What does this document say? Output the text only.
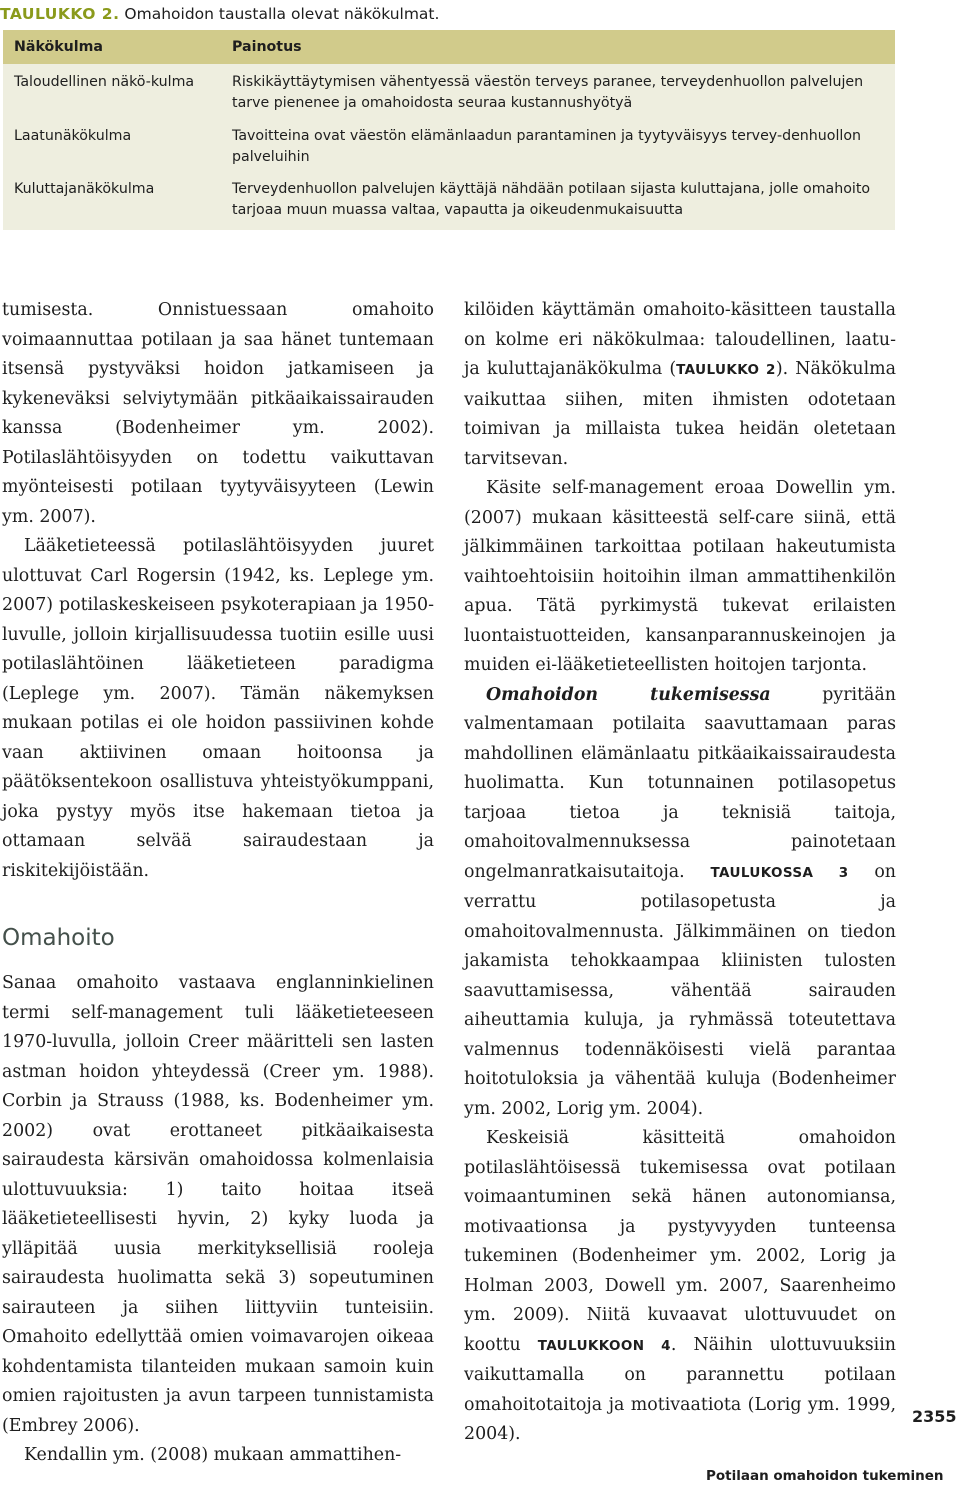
TAULUKKO 2. Omahoidon taustalla olevat näkökulmat.
Näkökulma	Painotus
Taloudellinen näkö-kulma	Riskikäyttäytymisen vähentyessä väestön terveys paranee, terveydenhuollon palvelujen tarve pienenee ja omahoidosta seuraa kustannushyötyä
Laatunäkökulma	Tavoitteina ovat väestön elämänlaadun parantaminen ja tyytyväisyys tervey-denhuollon palveluihin
Kuluttajanäkökulma	Terveydenhuollon palvelujen käyttäjä nähdään potilaan sijasta kuluttajana, jolle omahoito tarjoaa muun muassa valtaa, vapautta ja oikeudenmukaisuutta

tumisesta. Onnistuessaan omahoito voimaannuttaa potilaan ja saa hänet tuntemaan itsensä pystyväksi hoidon jatkamiseen ja kykeneväksi selviytymään pitkäaikaissairauden kanssa (Bodenheimer ym. 2002). Potilaslähtöisyyden on todettu vaikuttavan myönteisesti potilaan tyytyväisyyteen (Lewin ym. 2007).

Lääketieteessä potilaslähtöisyyden juuret ulottuvat Carl Rogersin (1942, ks. Leplege ym. 2007) potilaskeskeiseen psykoterapiaan ja 1950-luvulle, jolloin kirjallisuudessa tuotiin esille uusi potilaslähtöinen lääketieteen paradigma (Leplege ym. 2007). Tämän näkemyksen mukaan potilas ei ole hoidon passiivinen kohde vaan aktiivinen omaan hoitoonsa ja päätöksentekoon osallistuva yhteistyökumppani, joka pystyy myös itse hakemaan tietoa ja ottamaan selvää sairaudestaan ja riskitekijöistään.

Omahoito

Sanaa omahoito vastaava englanninkielinen termi self-management tuli lääketieteeseen 1970-luvulla, jolloin Creer määritteli sen lasten astman hoidon yhteydessä (Creer ym. 1988). Corbin ja Strauss (1988, ks. Bodenheimer ym. 2002) ovat erottaneet pitkäaikaisesta sairaudesta kärsivän omahoidossa kolmenlaisia ulottuvuuksia: 1) taito hoitaa itseä lääketieteellisesti hyvin, 2) kyky luoda ja ylläpitää uusia merkityksellisiä rooleja sairaudesta huolimatta sekä 3) sopeutuminen sairauteen ja siihen liittyviin tunteisiin. Omahoito edellyttää omien voimavarojen oikeaa kohdentamista tilanteiden mukaan samoin kuin omien rajoitusten ja avun tarpeen tunnistamista (Embrey 2006).

Kendallin ym. (2008) mukaan ammattihen-

kilöiden käyttämän omahoito-käsitteen taustalla on kolme eri näkökulmaa: taloudellinen, laatu- ja kuluttajanäkökulma (TAULUKKO 2). Näkökulma vaikuttaa siihen, miten ihmisten odotetaan toimivan ja millaista tukea heidän oletetaan tarvitsevan.

Käsite self-management eroaa Dowellin ym. (2007) mukaan käsitteestä self-care siinä, että jälkimmäinen tarkoittaa potilaan hakeutumista vaihtoehtoisiin hoitoihin ilman ammattihenkilön apua. Tätä pyrkimystä tukevat erilaisten luontaistuotteiden, kansanparannuskeinojen ja muiden ei-lääketieteellisten hoitojen tarjonta.

Omahoidon tukemisessa pyritään valmentamaan potilaita saavuttamaan paras mahdollinen elämänlaatu pitkäaikaissairaudesta huolimatta. Kun totunnainen potilasopetus tarjoaa tietoa ja teknisiä taitoja, omahoitovalmennuksessa painotetaan ongelmanratkaisutaitoja. TAULUKOSSA 3 on verrattu potilasopetusta ja omahoitovalmennusta. Jälkimmäinen on tiedon jakamista tehokkaampaa kliinisten tulosten saavuttamisessa, vähentää sairauden aiheuttamia kuluja, ja ryhmässä toteutettava valmennus todennäköisesti vielä parantaa hoitotuloksia ja vähentää kuluja (Bodenheimer ym. 2002, Lorig ym. 2004).

Keskeisiä käsitteitä omahoidon potilaslähtöisessä tukemisessa ovat potilaan voimaantuminen sekä hänen autonomiansa, motivaationsa ja pystyvyyden tunteensa tukeminen (Bodenheimer ym. 2002, Lorig ja Holman 2003, Dowell ym. 2007, Saarenheimo ym. 2009). Niitä kuvaavat ulottuvuudet on koottu TAULUKKOON 4. Näihin ulottuvuuksiin vaikuttamalla on parannettu potilaan omahoitotaitoja ja motivaatiota (Lorig ym. 1999, 2004).

2355
Potilaan omahoidon tukeminen
